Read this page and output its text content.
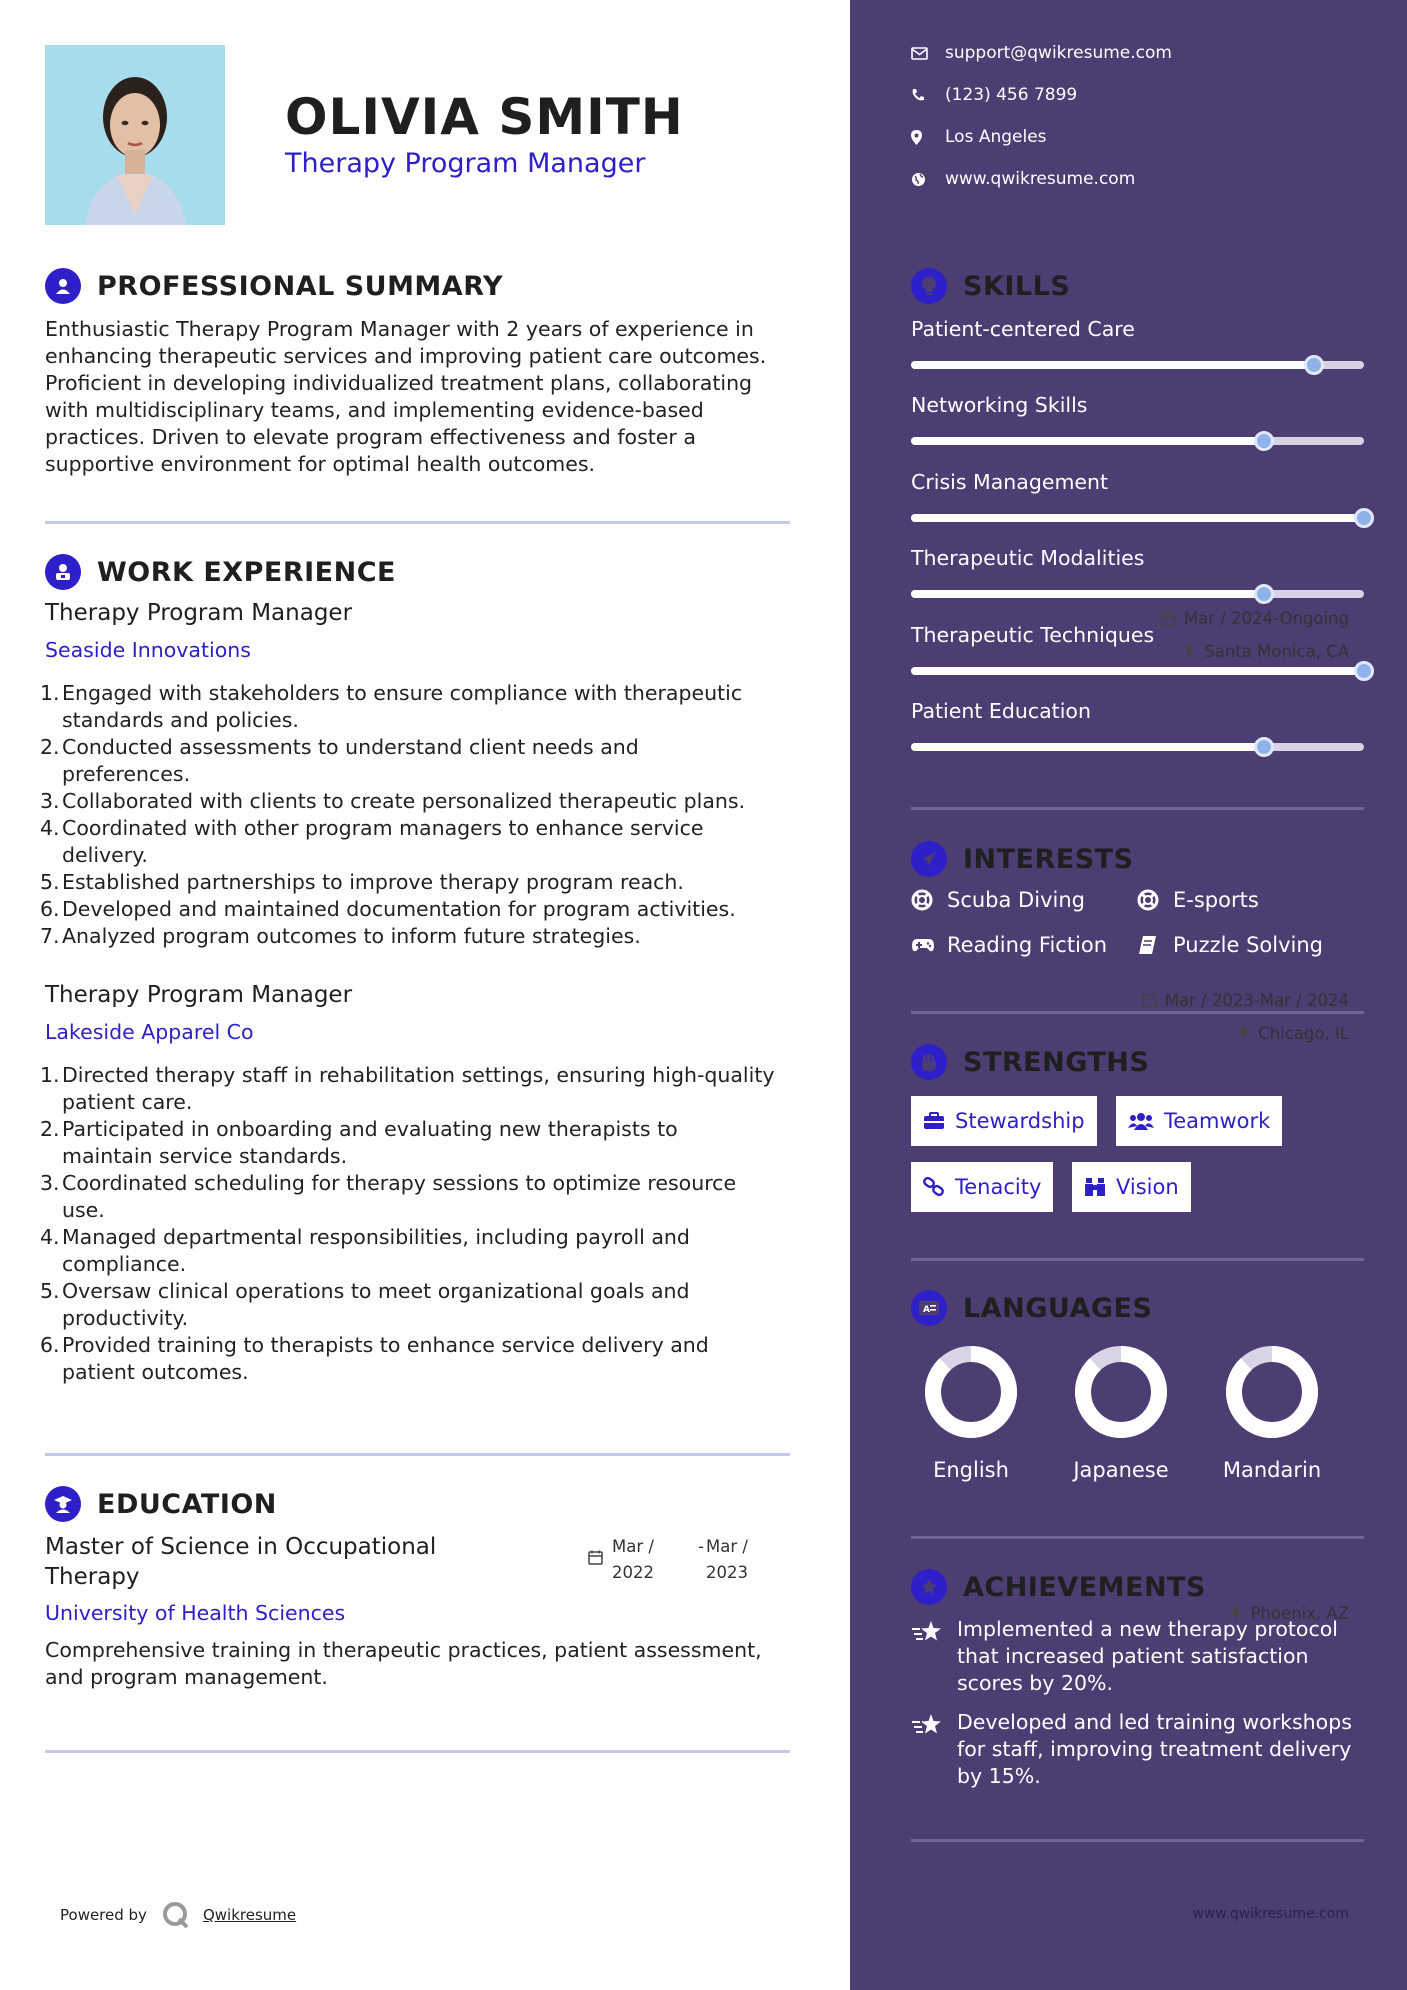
OLIVIA SMITH
Therapy Program Manager
PROFESSIONAL SUMMARY
Enthusiastic Therapy Program Manager with 2 years of experience in
enhancing therapeutic services and improving patient care outcomes.
Proficient in developing individualized treatment plans, collaborating
with multidisciplinary teams, and implementing evidence-based
practices. Driven to elevate program effectiveness and foster a
supportive environment for optimal health outcomes.
WORK EXPERIENCE
Therapy Program Manager	Mar / 2024-Ongoing
Seaside Innovations	Santa Monica, CA
1. Engaged with stakeholders to ensure compliance with therapeutic
standards and policies.
2. Conducted assessments to understand client needs and
preferences.
3. Collaborated with clients to create personalized therapeutic plans.
4. Coordinated with other program managers to enhance service
delivery.
5. Established partnerships to improve therapy program reach.
6. Developed and maintained documentation for program activities.
7. Analyzed program outcomes to inform future strategies.
Therapy Program Manager	Mar / 2023-Mar / 2024
Lakeside Apparel Co	Chicago, IL
1. Directed therapy staff in rehabilitation settings, ensuring high-quality
patient care.
2. Participated in onboarding and evaluating new therapists to
maintain service standards.
3. Coordinated scheduling for therapy sessions to optimize resource
use.
4. Managed departmental responsibilities, including payroll and
compliance.
5. Oversaw clinical operations to meet organizational goals and
productivity.
6. Provided training to therapists to enhance service delivery and
patient outcomes.
EDUCATION
Master of Science in Occupational
Therapy
Mar /
2022
- Mar /
2023
University of Health Sciences	Phoenix, AZ
Comprehensive training in therapeutic practices, patient assessment,
and program management.
Powered by	Qwikresume	www.qwikresume.com
support@qwikresume.com
(123) 456 7899
Los Angeles
www.qwikresume.com
SKILLS
Patient-centered Care
Networking Skills
Crisis Management
Therapeutic Modalities
Therapeutic Techniques
Patient Education
INTERESTS
Scuba Diving	E-sports
Reading Fiction	Puzzle Solving
STRENGTHS
Stewardship	Teamwork
Tenacity	Vision
A LANGUAGES
English	Japanese	Mandarin
ACHIEVEMENTS
Implemented a new therapy protocol
that increased patient satisfaction
scores by 20%.
Developed and led training workshops
for staff, improving treatment delivery
by 15%.
